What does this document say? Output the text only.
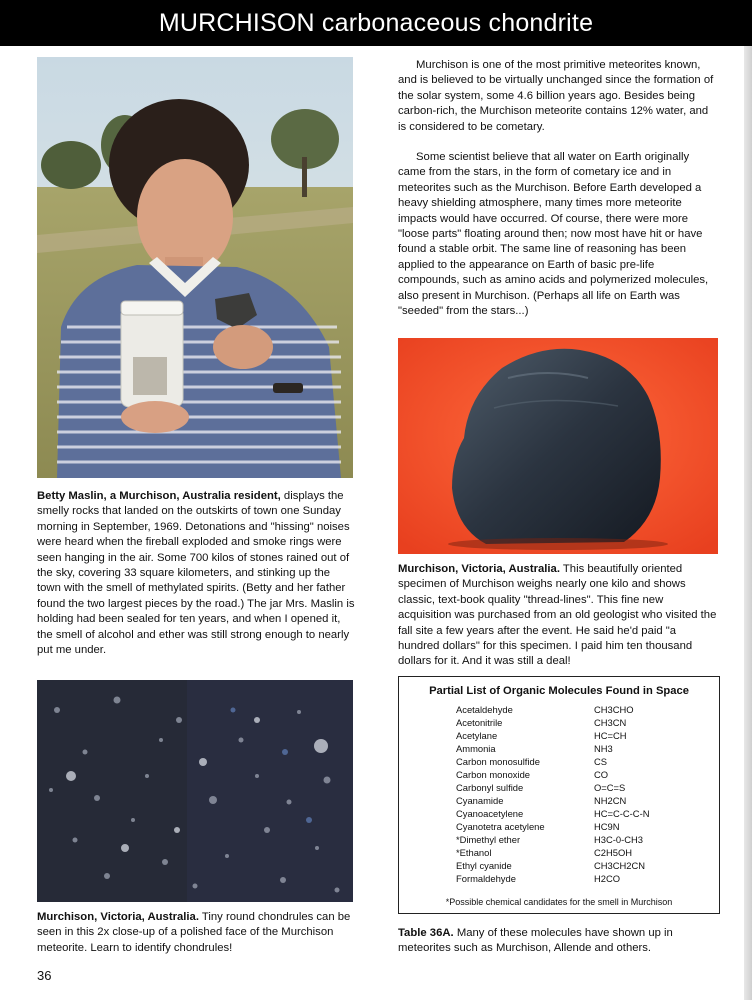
MURCHISON carbonaceous chondrite
Betty Maslin, a Murchison, Australia resident, displays the smelly rocks that landed on the outskirts of town one Sunday morning in September, 1969. Detonations and "hissing" noises were heard when the fireball exploded and smoke rings were seen hanging in the air. Some 700 kilos of stones rained out of the sky, covering 33 square kilometers, and stinking up the town with the smell of methylated spirits. (Betty and her father found the two largest pieces by the road.) The jar Mrs. Maslin is holding had been sealed for ten years, and when I opened it, the smell of alcohol and ether was still strong enough to nearly put me under.
Murchison, Victoria, Australia. Tiny round chondrules can be seen in this 2x close-up of a polished face of the Murchison meteorite. Learn to identify chondrules!

Murchison is one of the most primitive meteorites known, and is believed to be virtually unchanged since the formation of the solar system, some 4.6 billion years ago. Besides being carbon-rich, the Murchison meteorite contains 12% water, and is considered to be cometary.

Some scientist believe that all water on Earth originally came from the stars, in the form of cometary ice and in meteorites such as the Murchison. Before Earth developed a heavy shielding atmosphere, many times more meteorite impacts would have occurred. Of course, there were more "loose parts" floating around then; now most have hit or have found a stable orbit. The same line of reasoning has been applied to the appearance on Earth of basic pre-life compounds, such as amino acids and polymerized molecules, also present in Murchison. (Perhaps all life on Earth was "seeded" from the stars...)

Murchison, Victoria, Australia. This beautifully oriented specimen of Murchison weighs nearly one kilo and shows classic, text-book quality "thread-lines". This fine new acquisition was purchased from an old geologist who visited the fall site a few years after the event. He said he'd paid "a hundred dollars" for this specimen. I paid him ten thousand dollars for it. And it was still a deal!
Partial List of Organic Molecules Found in Space
Acetaldehyde	CH3CHO
Acetonitrile	CH3CN
Acetylane	HC=CH
Ammonia	NH3
Carbon monosulfide	CS
Carbon monoxide	CO
Carbonyl sulfide	O=C=S
Cyanamide	NH2CN
Cyanoacetylene	HC=C-C-C-N
Cyanotetra acetylene	HC9N
*Dimethyl ether	H3C-0-CH3
*Ethanol	C2H5OH
Ethyl cyanide	CH3CH2CN
Formaldehyde	H2CO
*Possible chemical candidates for the smell in Murchison
Table 36A. Many of these molecules have shown up in meteorites such as Murchison, Allende and others.
36
